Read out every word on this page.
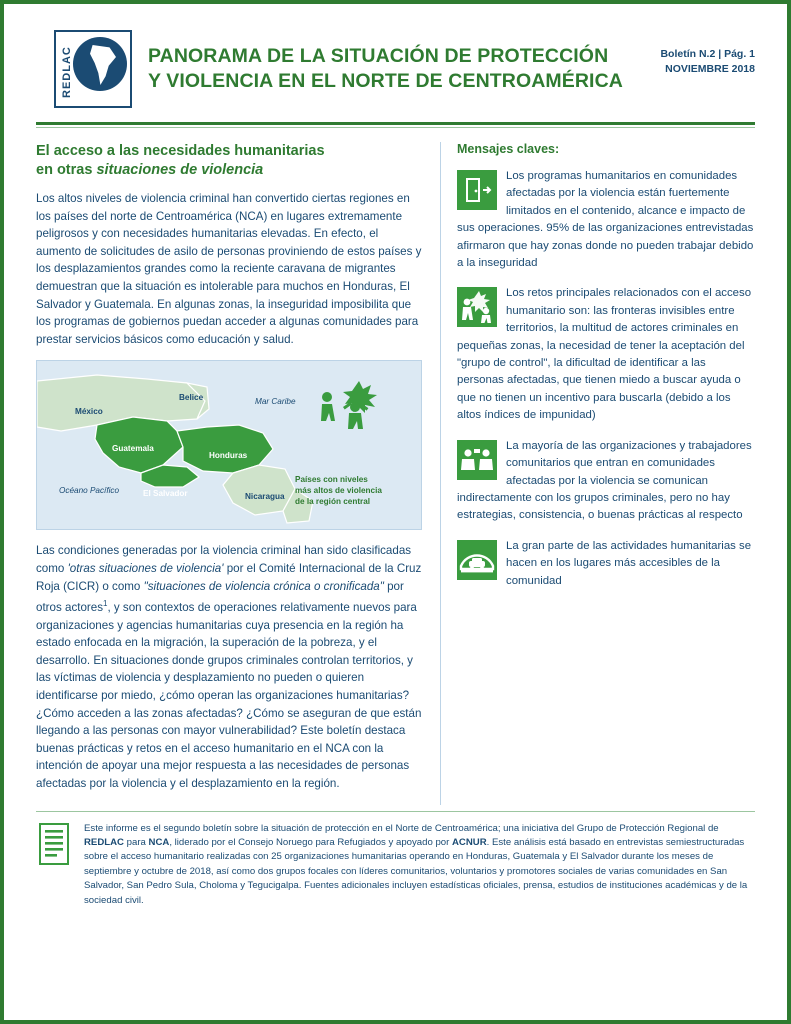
REDLAC	PANORAMA DE LA SITUACIÓN DE PROTECCIÓN
Y VIOLENCIA EN EL NORTE DE CENTROAMÉRICA
Boletín N.2 | Pág. 1
NOVIEMBRE 2018
El acceso a las necesidades humanitarias
en otras situaciones de violencia

Los altos niveles de violencia criminal han convertido ciertas regiones en los países del norte de Centroamérica (NCA) en lugares extremamente peligrosos y con necesidades humanitarias elevadas. En efecto, el aumento de solicitudes de asilo de personas proviniendo de estos países y los desplazamientos grandes como la reciente caravana de migrantes demuestran que la situación es intolerable para muchos en Honduras, El Salvador y Guatemala. En algunas zonas, la inseguridad imposibilita que los programas de gobiernos puedan acceder a algunas comunidades para prestar servicios básicos como educación y salud.

México
Belice	Mar Caribe
Guatemala
Honduras
El Salvador	Nicaragua
Océano Pacífico
Países con niveles
más altos de violencia
de la región central

Las condiciones generadas por la violencia criminal han sido clasificadas como 'otras situaciones de violencia' por el Comité Internacional de la Cruz Roja (CICR) o como "situaciones de violencia crónica o cronificada" por otros actores$^1$, y son contextos de operaciones relativamente nuevos para organizaciones y agencias humanitarias cuya presencia en la región ha estado enfocada en la migración, la superación de la pobreza, y el desarrollo. En situaciones donde grupos criminales controlan territorios, y las víctimas de violencia y desplazamiento no pueden o quieren identificarse por miedo, ¿cómo operan las organizaciones humanitarias? ¿Cómo acceden a las zonas afectadas? ¿Cómo se aseguran de que están llegando a las personas con mayor vulnerabilidad? Este boletín destaca buenas prácticas y retos en el acceso humanitario en el NCA con la intención de apoyar una mejor respuesta a las necesidades de personas afectadas por la violencia y el desplazamiento en la región.

Mensajes claves:
Los programas humanitarios en comunidades afectadas por la violencia están fuertemente limitados en el contenido, alcance e impacto de sus operaciones. 95% de las organizaciones entrevistadas afirmaron que hay zonas donde no pueden trabajar debido a la inseguridad
Los retos principales relacionados con el acceso humanitario son: las fronteras invisibles entre territorios, la multitud de actores criminales en pequeñas zonas, la necesidad de tener la aceptación del "grupo de control", la dificultad de identificar a las personas afectadas, que tienen miedo a buscar ayuda o que no tienen un incentivo para buscarla (debido a los altos índices de impunidad)
La mayoría de las organizaciones y trabajadores comunitarios que entran en comunidades afectadas por la violencia se comunican indirectamente con los grupos criminales, pero no hay estrategias, consistencia, o buenas prácticas al respecto
La gran parte de las actividades humanitarias se hacen en los lugares más accesibles de la comunidad
Este informe es el segundo boletín sobre la situación de protección en el Norte de Centroamérica; una iniciativa del Grupo de Protección Regional de REDLAC para NCA, liderado por el Consejo Noruego para Refugiados y apoyado por ACNUR. Este análisis está basado en entrevistas semiestructuradas sobre el acceso humanitario realizadas con 25 organizaciones humanitarias operando en Honduras, Guatemala y El Salvador durante los meses de septiembre y octubre de 2018, así como dos grupos focales con líderes comunitarios, voluntarios y promotores sociales de varias comunidades en San Salvador, San Pedro Sula, Choloma y Tegucigalpa. Fuentes adicionales incluyen estadísticas oficiales, prensa, estudios de instituciones académicas y de la sociedad civil.
